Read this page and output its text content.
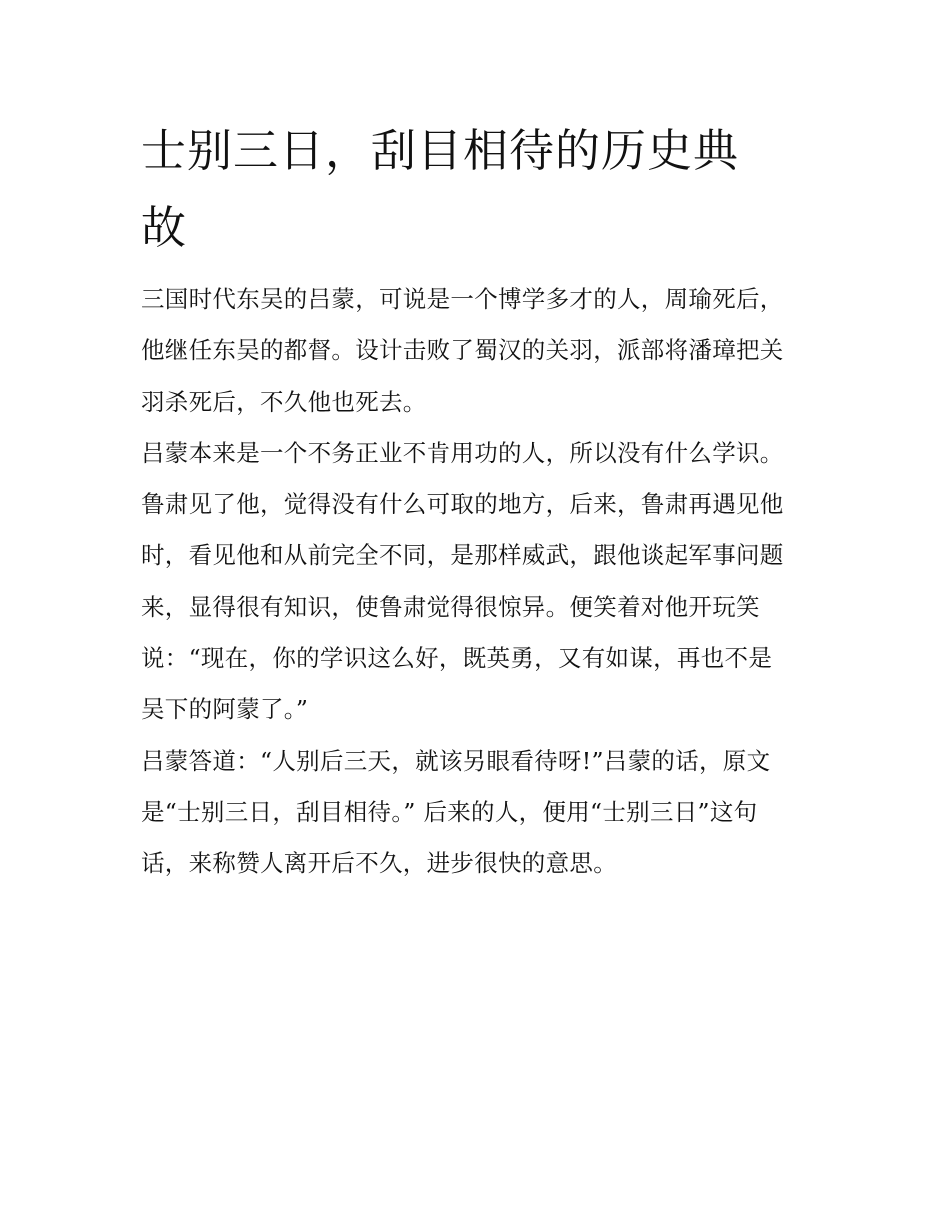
士别三日，刮目相待的历史典
故

三国时代东吴的吕蒙，可说是一个博学多才的人，周瑜死后，
他继任东吴的都督。设计击败了蜀汉的关羽，派部将潘璋把关
羽杀死后，不久他也死去。

吕蒙本来是一个不务正业不肯用功的人，所以没有什么学识。
鲁肃见了他，觉得没有什么可取的地方，后来，鲁肃再遇见他
时，看见他和从前完全不同，是那样威武，跟他谈起军事问题
来，显得很有知识，使鲁肃觉得很惊异。便笑着对他开玩笑
说：“现在，你的学识这么好，既英勇，又有如谋，再也不是
吴下的阿蒙了。”

吕蒙答道：“人别后三天，就该另眼看待呀!”吕蒙的话，原文
是“士别三日，刮目相待。” 后来的人，便用“士别三日”这句
话，来称赞人离开后不久，进步很快的意思。
